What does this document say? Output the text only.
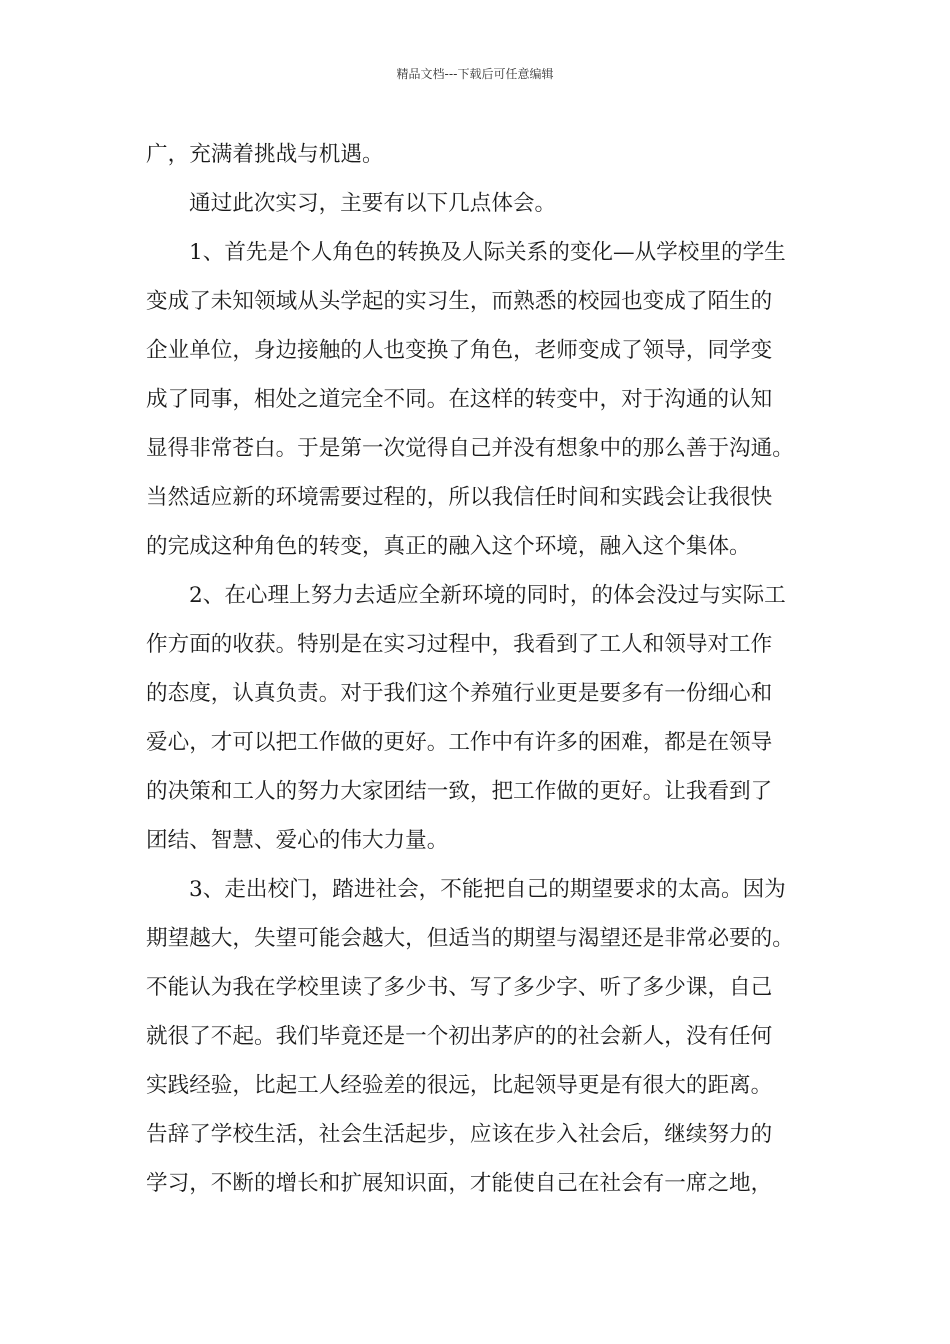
精品文档---下载后可任意编辑
广，充满着挑战与机遇。
通过此次实习，主要有以下几点体会。
1、首先是个人角色的转换及人际关系的变化—从学校里的学生
变成了未知领域从头学起的实习生，而熟悉的校园也变成了陌生的
企业单位，身边接触的人也变换了角色，老师变成了领导，同学变
成了同事，相处之道完全不同。在这样的转变中，对于沟通的认知
显得非常苍白。于是第一次觉得自己并没有想象中的那么善于沟通。
当然适应新的环境需要过程的，所以我信任时间和实践会让我很快
的完成这种角色的转变，真正的融入这个环境，融入这个集体。
2、在心理上努力去适应全新环境的同时，的体会没过与实际工
作方面的收获。特别是在实习过程中，我看到了工人和领导对工作
的态度，认真负责。对于我们这个养殖行业更是要多有一份细心和
爱心，才可以把工作做的更好。工作中有许多的困难，都是在领导
的决策和工人的努力大家团结一致，把工作做的更好。让我看到了
团结、智慧、爱心的伟大力量。
3、走出校门，踏进社会，不能把自己的期望要求的太高。因为
期望越大，失望可能会越大，但适当的期望与渴望还是非常必要的。
不能认为我在学校里读了多少书、写了多少字、听了多少课，自己
就很了不起。我们毕竟还是一个初出茅庐的的社会新人，没有任何
实践经验，比起工人经验差的很远，比起领导更是有很大的距离。
告辞了学校生活，社会生活起步，应该在步入社会后，继续努力的
学习，不断的增长和扩展知识面，才能使自己在社会有一席之地，
